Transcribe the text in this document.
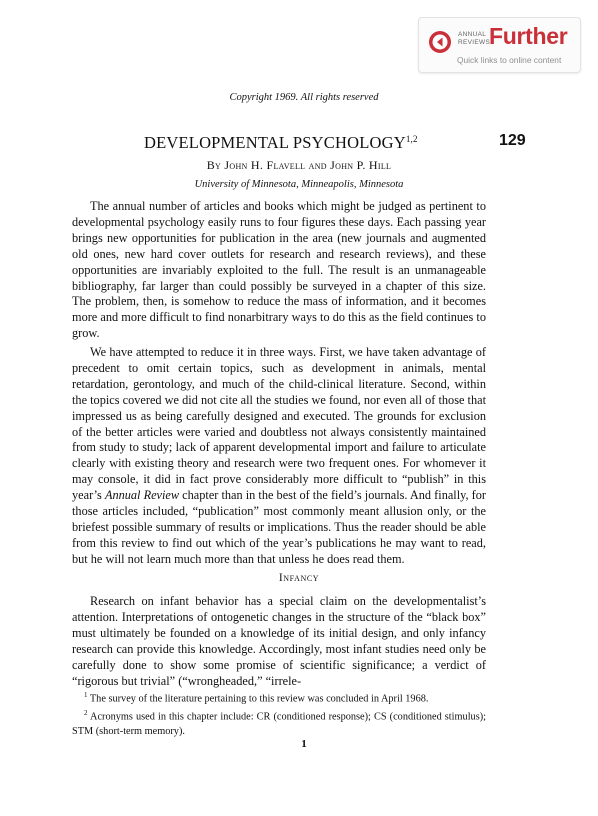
ANNUAL
REVIEWS
Further
Quick links to online content
Copyright 1969. All rights reserved
DEVELOPMENTAL PSYCHOLOGY$^{1,2}$	129
By John H. Flavell and John P. Hill
University of Minnesota, Minneapolis, Minnesota
The annual number of articles and books which might be judged as pertinent to developmental psychology easily runs to four figures these days. Each passing year brings new opportunities for publication in the area (new journals and augmented old ones, new hard cover outlets for research and research reviews), and these opportunities are invariably exploited to the full. The result is an unmanageable bibliography, far larger than could possibly be surveyed in a chapter of this size. The problem, then, is somehow to reduce the mass of information, and it becomes more and more difficult to find nonarbitrary ways to do this as the field continues to grow.
We have attempted to reduce it in three ways. First, we have taken advantage of precedent to omit certain topics, such as development in animals, mental retardation, gerontology, and much of the child-clinical literature. Second, within the topics covered we did not cite all the studies we found, nor even all of those that impressed us as being carefully designed and executed. The grounds for exclusion of the better articles were varied and doubtless not always consistently maintained from study to study; lack of apparent developmental import and failure to articulate clearly with existing theory and research were two frequent ones. For whomever it may console, it did in fact prove considerably more difficult to “publish” in this year’s Annual Review chapter than in the best of the field’s journals. And finally, for those articles included, “publication” most commonly meant allusion only, or the briefest possible summary of results or implications. Thus the reader should be able from this review to find out which of the year’s publications he may want to read, but he will not learn much more than that unless he does read them.
Infancy
Research on infant behavior has a special claim on the developmentalist’s attention. Interpretations of ontogenetic changes in the structure of the “black box” must ultimately be founded on a knowledge of its initial design, and only infancy research can provide this knowledge. Accordingly, most infant studies need only be carefully done to show some promise of scientific significance; a verdict of “rigorous but trivial” (“wrongheaded,” “irrele-
$^1$ The survey of the literature pertaining to this review was concluded in April 1968.
$^2$ Acronyms used in this chapter include: CR (conditioned response); CS (conditioned stimulus); STM (short-term memory).
1
